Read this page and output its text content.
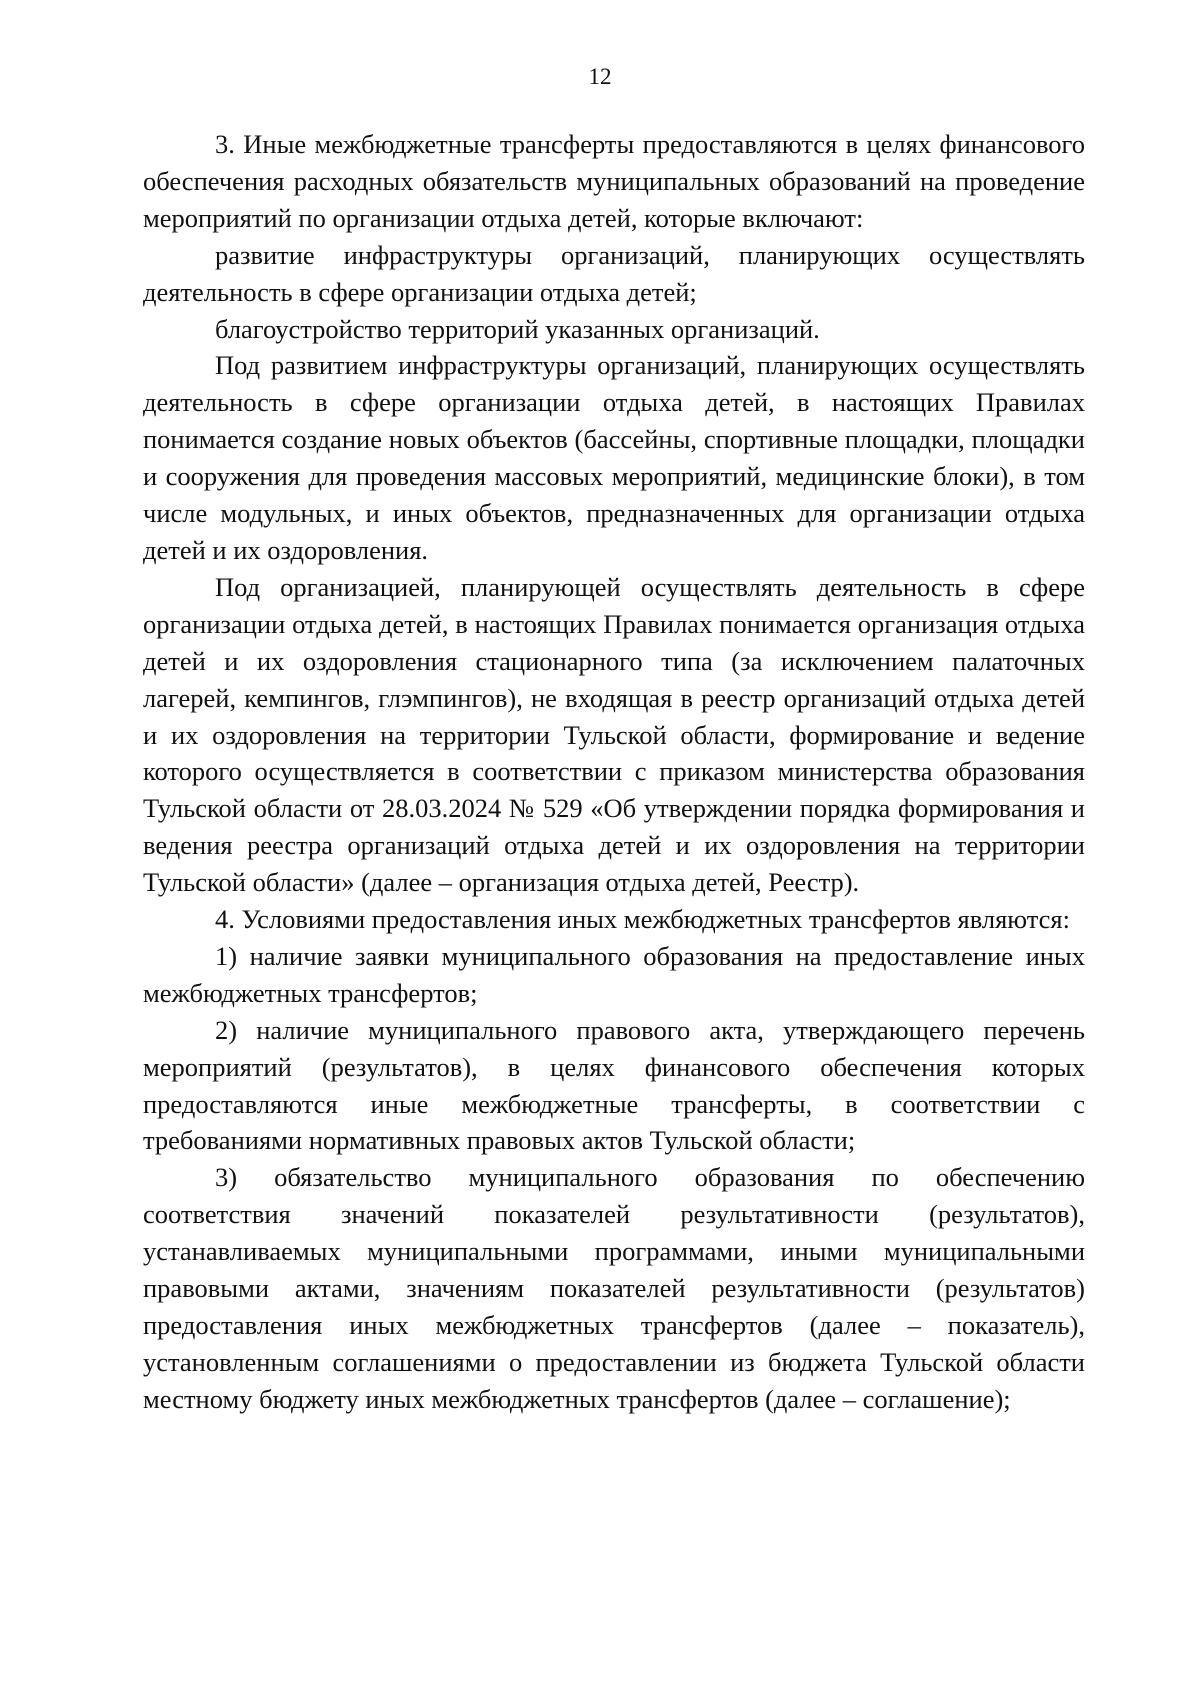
12

3. Иные межбюджетные трансферты предоставляются в целях финансового обеспечения расходных обязательств муниципальных образований на проведение мероприятий по организации отдыха детей, которые включают:

развитие инфраструктуры организаций, планирующих осуществлять деятельность в сфере организации отдыха детей;

благоустройство территорий указанных организаций.

Под развитием инфраструктуры организаций, планирующих осуществлять деятельность в сфере организации отдыха детей, в настоящих Правилах понимается создание новых объектов (бассейны, спортивные площадки, площадки и сооружения для проведения массовых мероприятий, медицинские блоки), в том числе модульных, и иных объектов, предназначенных для организации отдыха детей и их оздоровления.

Под организацией, планирующей осуществлять деятельность в сфере организации отдыха детей, в настоящих Правилах понимается организация отдыха детей и их оздоровления стационарного типа (за исключением палаточных лагерей, кемпингов, глэмпингов), не входящая в реестр организаций отдыха детей и их оздоровления на территории Тульской области, формирование и ведение которого осуществляется в соответствии с приказом министерства образования Тульской области от 28.03.2024 № 529 «Об утверждении порядка формирования и ведения реестра организаций отдыха детей и их оздоровления на территории Тульской области» (далее – организация отдыха детей, Реестр).

4. Условиями предоставления иных межбюджетных трансфертов являются:

1) наличие заявки муниципального образования на предоставление иных межбюджетных трансфертов;

2) наличие муниципального правового акта, утверждающего перечень мероприятий (результатов), в целях финансового обеспечения которых предоставляются иные межбюджетные трансферты, в соответствии с требованиями нормативных правовых актов Тульской области;

3) обязательство муниципального образования по обеспечению соответствия значений показателей результативности (результатов), устанавливаемых муниципальными программами, иными муниципальными правовыми актами, значениям показателей результативности (результатов) предоставления иных межбюджетных трансфертов (далее – показатель), установленным соглашениями о предоставлении из бюджета Тульской области местному бюджету иных межбюджетных трансфертов (далее – соглашение);
